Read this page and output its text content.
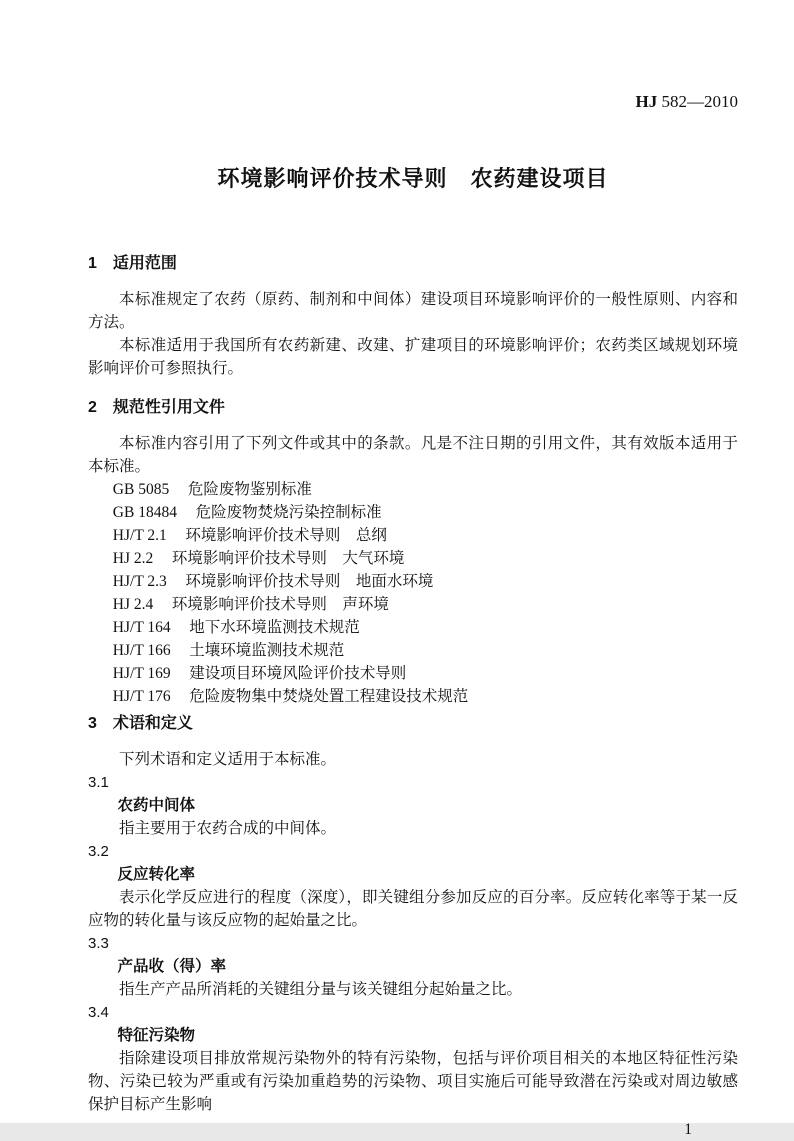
HJ 582—2010
环境影响评价技术导则　农药建设项目
1　适用范围

本标准规定了农药（原药、制剂和中间体）建设项目环境影响评价的一般性原则、内容和方法。

本标准适用于我国所有农药新建、改建、扩建项目的环境影响评价；农药类区域规划环境影响评价可参照执行。

2　规范性引用文件

本标准内容引用了下列文件或其中的条款。凡是不注日期的引用文件，其有效版本适用于本标准。

GB 5085 危险废物鉴别标准
GB 18484 危险废物焚烧污染控制标准
HJ/T 2.1 环境影响评价技术导则　总纲
HJ 2.2 环境影响评价技术导则　大气环境
HJ/T 2.3 环境影响评价技术导则　地面水环境
HJ 2.4 环境影响评价技术导则　声环境
HJ/T 164 地下水环境监测技术规范
HJ/T 166 土壤环境监测技术规范
HJ/T 169 建设项目环境风险评价技术导则
HJ/T 176 危险废物集中焚烧处置工程建设技术规范
3　术语和定义

下列术语和定义适用于本标准。

3.1
农药中间体

指主要用于农药合成的中间体。

3.2
反应转化率

表示化学反应进行的程度（深度），即关键组分参加反应的百分率。反应转化率等于某一反应物的转化量与该反应物的起始量之比。

3.3
产品收（得）率

指生产产品所消耗的关键组分量与该关键组分起始量之比。

3.4
特征污染物

指除建设项目排放常规污染物外的特有污染物，包括与评价项目相关的本地区特征性污染物、污染已较为严重或有污染加重趋势的污染物、项目实施后可能导致潜在污染或对周边敏感保护目标产生影响

1
